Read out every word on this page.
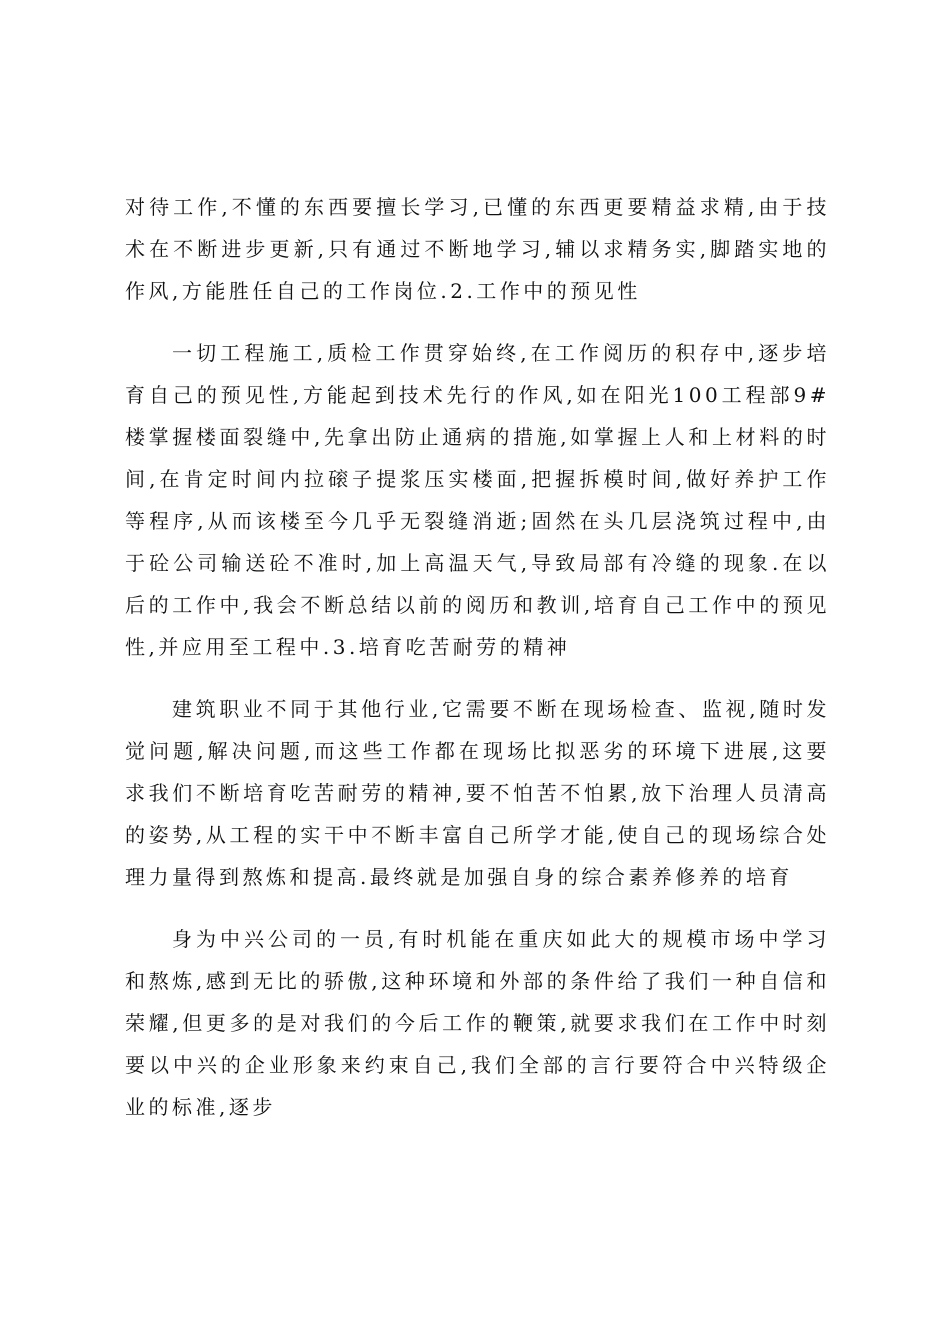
对待工作,不懂的东西要擅长学习,已懂的东西更要精益求精,由于技术在不断进步更新,只有通过不断地学习,辅以求精务实,脚踏实地的作风,方能胜任自己的工作岗位.2.工作中的预见性

一切工程施工,质检工作贯穿始终,在工作阅历的积存中,逐步培育自己的预见性,方能起到技术先行的作风,如在阳光100工程部9#楼掌握楼面裂缝中,先拿出防止通病的措施,如掌握上人和上材料的时间,在肯定时间内拉磙子提浆压实楼面,把握拆模时间,做好养护工作等程序,从而该楼至今几乎无裂缝消逝;固然在头几层浇筑过程中,由于砼公司输送砼不准时,加上高温天气,导致局部有冷缝的现象.在以后的工作中,我会不断总结以前的阅历和教训,培育自己工作中的预见性,并应用至工程中.3.培育吃苦耐劳的精神

建筑职业不同于其他行业,它需要不断在现场检查、监视,随时发觉问题,解决问题,而这些工作都在现场比拟恶劣的环境下进展,这要求我们不断培育吃苦耐劳的精神,要不怕苦不怕累,放下治理人员清高的姿势,从工程的实干中不断丰富自己所学才能,使自己的现场综合处理力量得到熬炼和提高.最终就是加强自身的综合素养修养的培育

身为中兴公司的一员,有时机能在重庆如此大的规模市场中学习和熬炼,感到无比的骄傲,这种环境和外部的条件给了我们一种自信和荣耀,但更多的是对我们的今后工作的鞭策,就要求我们在工作中时刻要以中兴的企业形象来约束自己,我们全部的言行要符合中兴特级企业的标准,逐步
